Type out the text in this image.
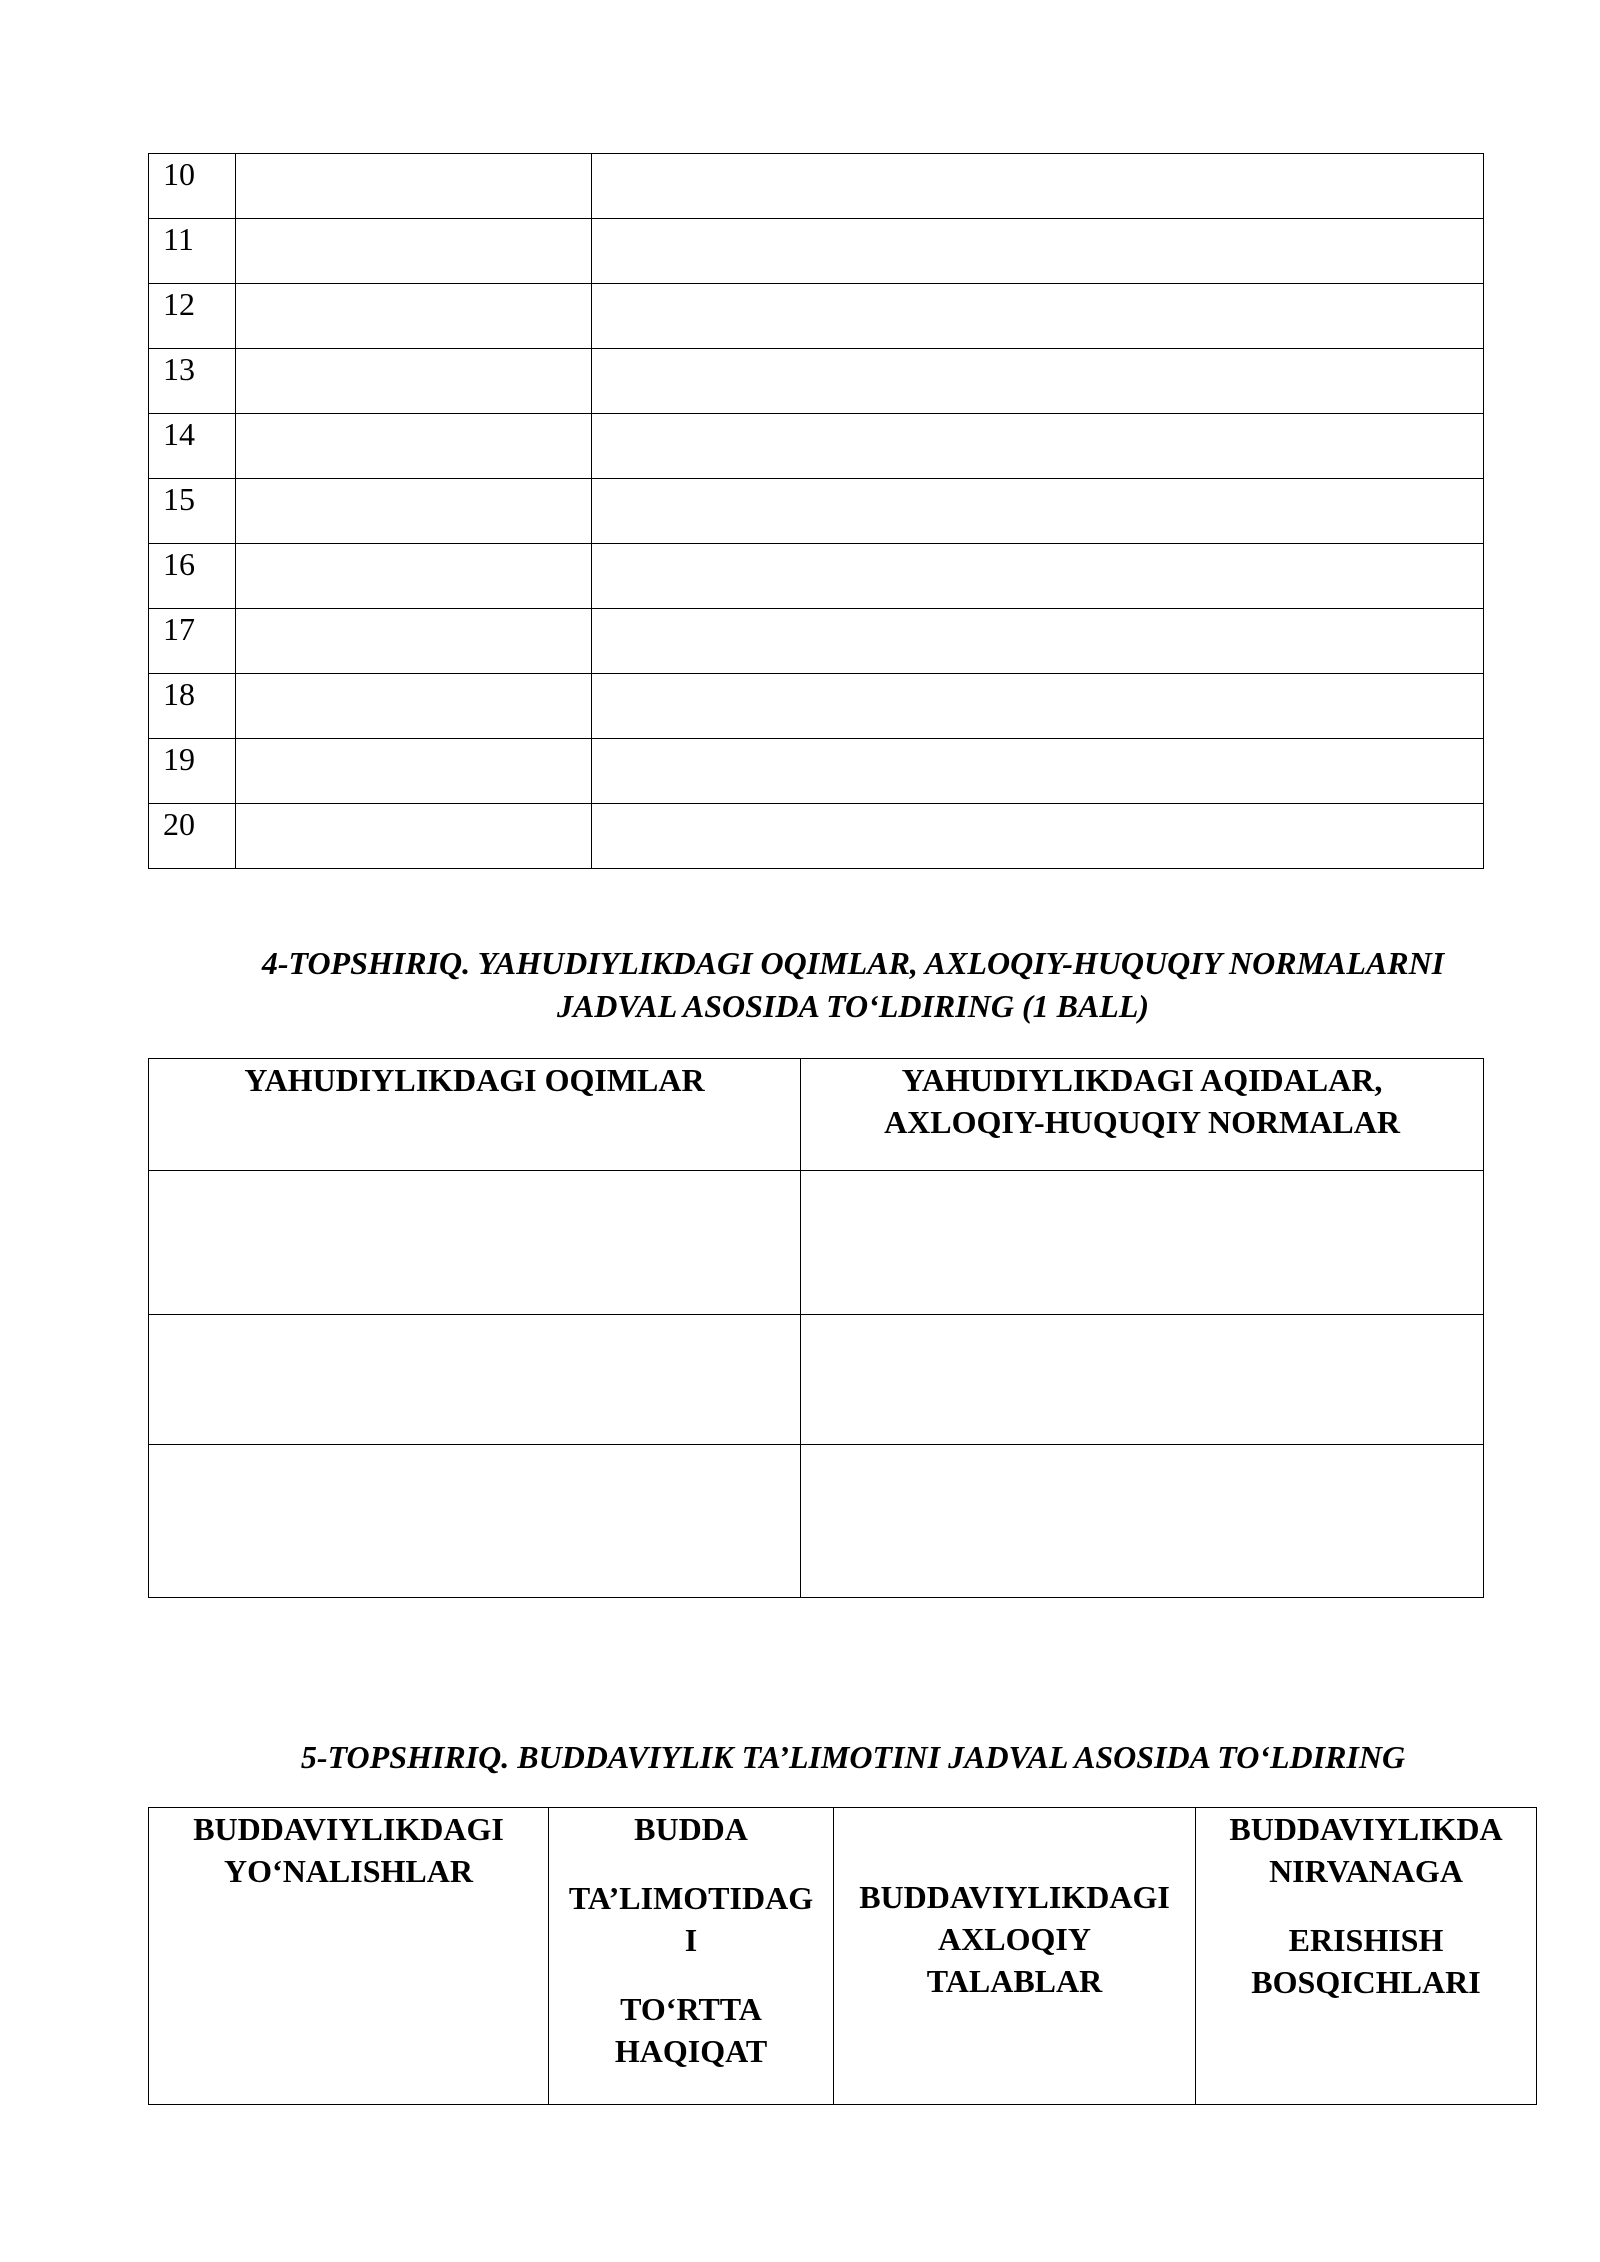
10		
11		
12		
13		
14		
15		
16		
17		
18		
19		
20		
4-TOPSHIRIQ. YAHUDIYLIKDAGI OQIMLAR, AXLOQIY-HUQUQIY NORMALARNI
JADVAL ASOSIDA TO‘LDIRING (1 BALL)
YAHUDIYLIKDAGI OQIMLAR	YAHUDIYLIKDAGI AQIDALAR,
AXLOQIY-HUQUQIY NORMALAR

5-TOPSHIRIQ. BUDDAVIYLIK TA’LIMOTINI JADVAL ASOSIDA TO‘LDIRING
BUDDAVIYLIKDAGI
YO‘NALISHLAR

BUDDA
TA’LIMOTIDAG
I
TO‘RTTA
HAQIQAT

BUDDAVIYLIKDAGI
AXLOQIY
TALABLAR

BUDDAVIYLIKDA
NIRVANAGA
ERISHISH
BOSQICHLARI
